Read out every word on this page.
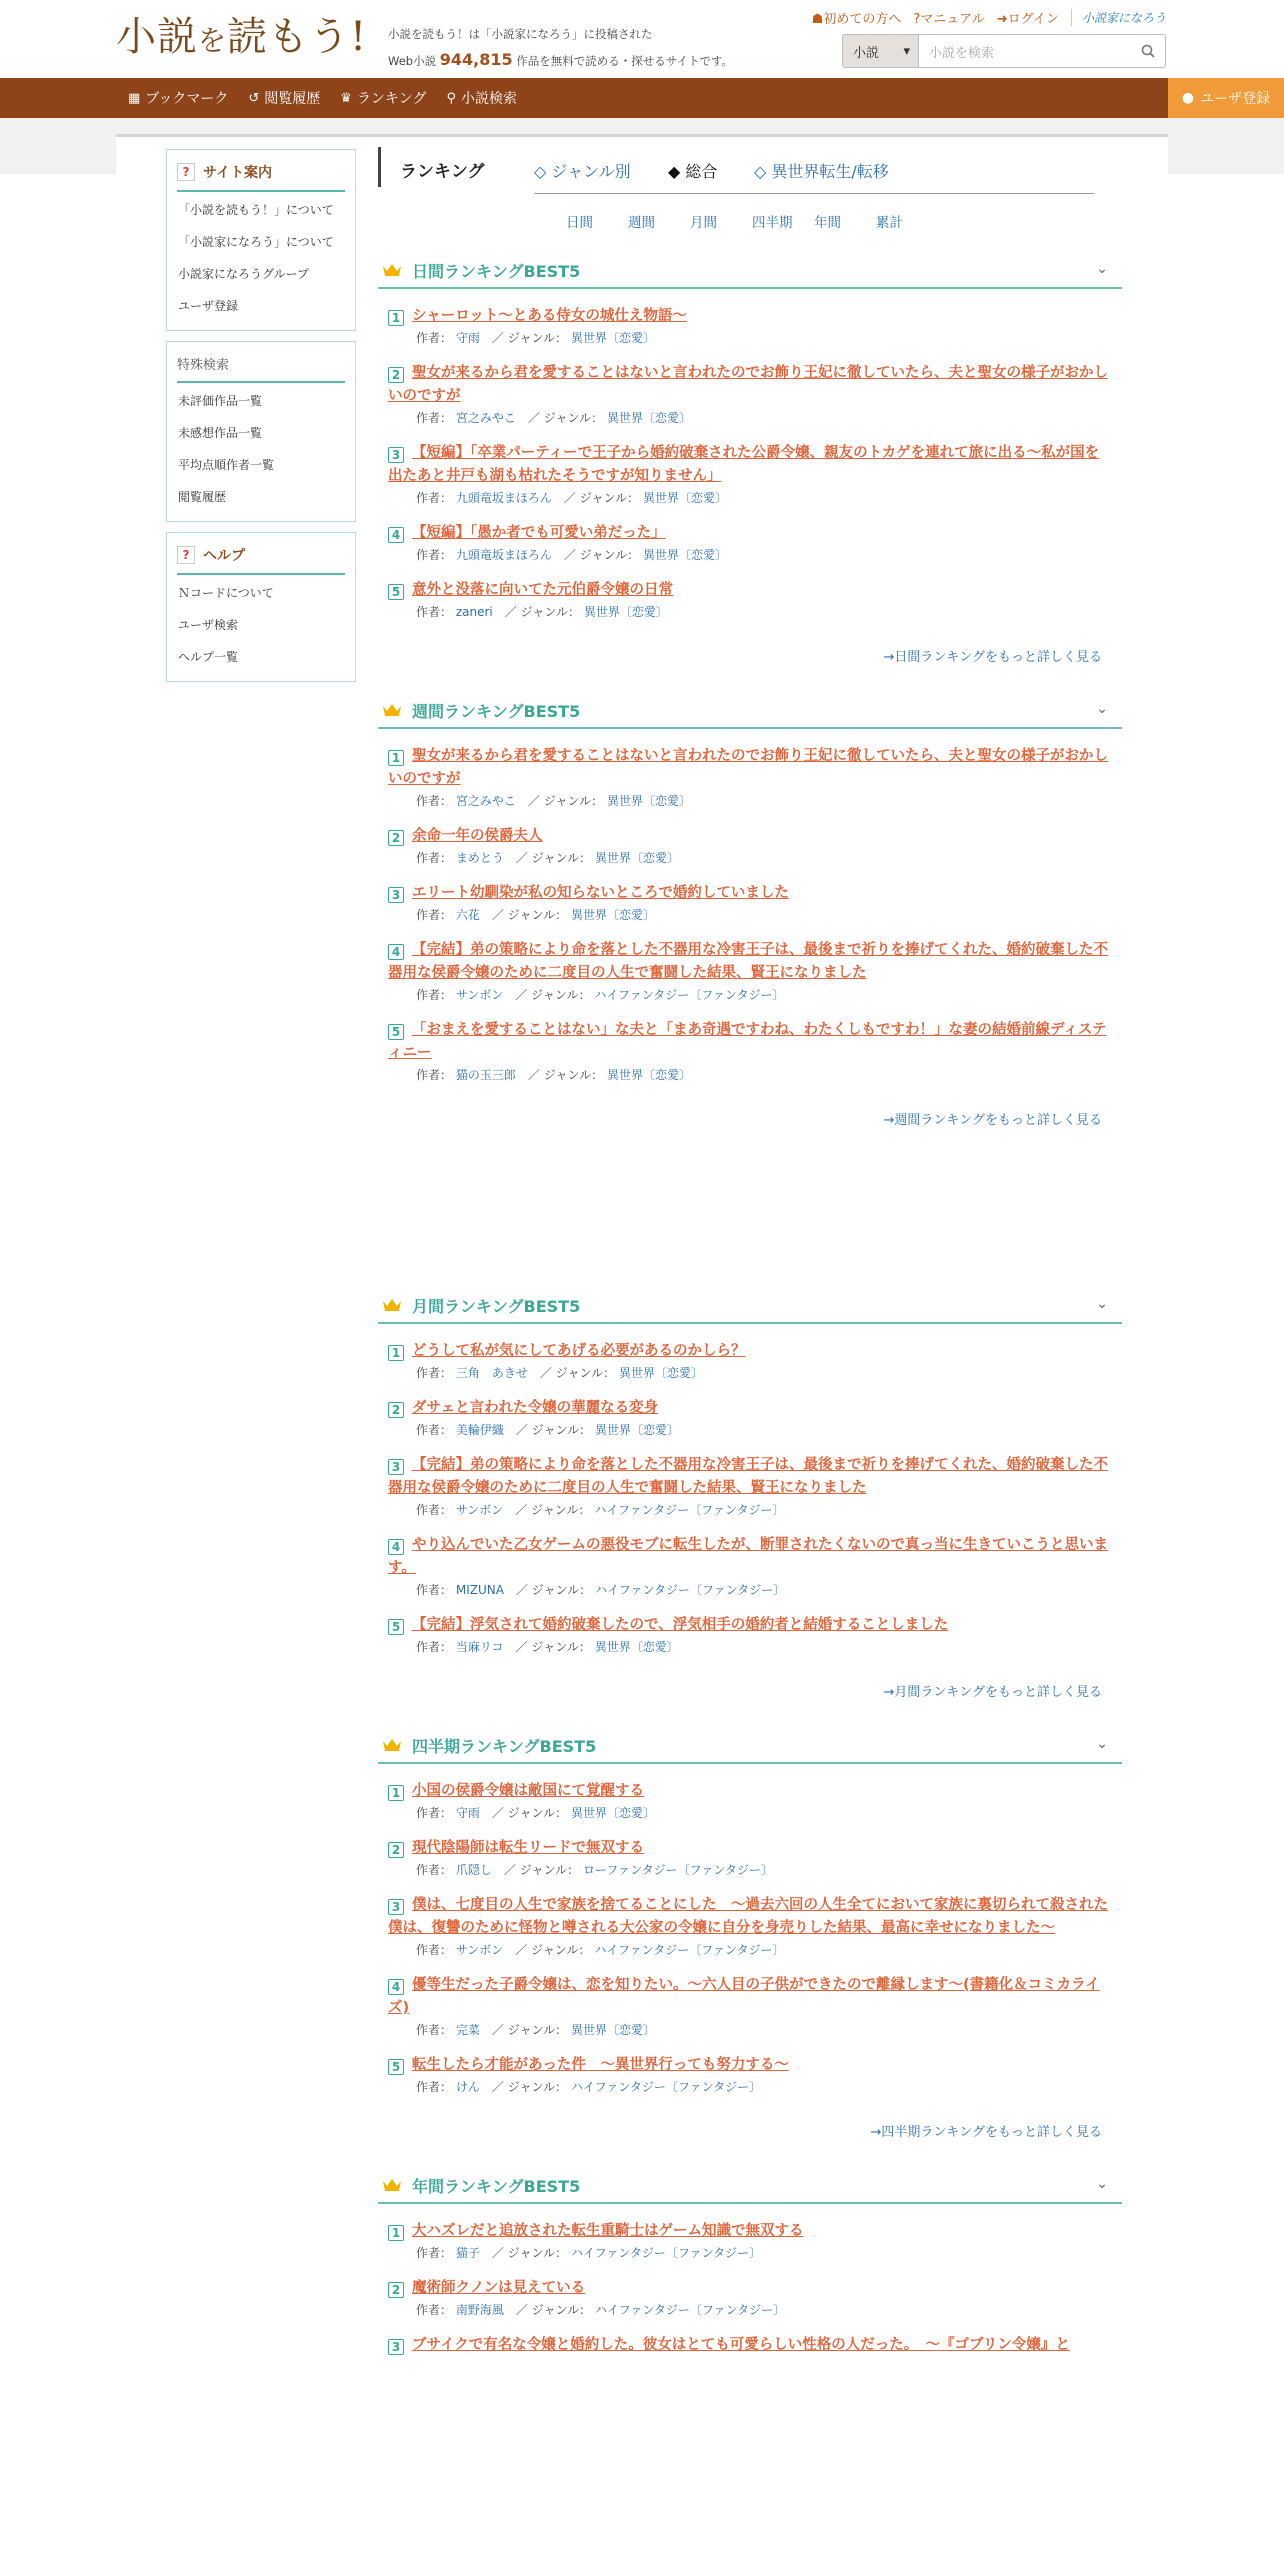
小説を読もう! 小説を読もう！は「小説家になろう」に投稿された
Web小説 944,815 作品を無料で読める・探せるサイトです。
☗初めての方へ ?マニュアル ➜ログイン	小説家になろう
小説 ▾	小説を検索
▦ ブックマーク ↺ 閲覧履歴 ♛ ランキング ⚲ 小説検索	● ユーザ登録
? サイト案内
「小説を読もう！」について
「小説家になろう」について
小説家になろうグループ
ユーザ登録
特殊検索
未評価作品一覧
未感想作品一覧
平均点順作者一覧
閲覧履歴
? ヘルプ
Ｎコードについて
ユーザ検索
ヘルプ一覧
ランキング	◇ ジャンル別 ◆ 総合 ◇ 異世界転生/転移
日間	週間	月間	四半期	年間	累計
日間ランキングBEST5	⌄
1 シャーロット〜とある侍女の城仕え物語〜
作者： 守雨　 ／ ジャンル： 異世界〔恋愛〕
2 聖女が来るから君を愛することはないと言われたのでお飾り王妃に徹していたら、夫と聖女の様子がおかしいのですが
作者： 宮之みやこ　 ／ ジャンル： 異世界〔恋愛〕
3 【短編】「卒業パーティーで王子から婚約破棄された公爵令嬢、親友のトカゲを連れて旅に出る〜私が国を出たあと井戸も湖も枯れたそうですが知りません」
作者： 九頭竜坂まほろん　 ／ ジャンル： 異世界〔恋愛〕
4 【短編】「愚か者でも可愛い弟だった」
作者： 九頭竜坂まほろん　 ／ ジャンル： 異世界〔恋愛〕
5 意外と没落に向いてた元伯爵令嬢の日常
作者： zaneri　 ／ ジャンル： 異世界〔恋愛〕
→日間ランキングをもっと詳しく見る
週間ランキングBEST5	⌄
1 聖女が来るから君を愛することはないと言われたのでお飾り王妃に徹していたら、夫と聖女の様子がおかしいのですが
作者： 宮之みやこ　 ／ ジャンル： 異世界〔恋愛〕
2 余命一年の侯爵夫人
作者： まめとう　 ／ ジャンル： 異世界〔恋愛〕
3 エリート幼馴染が私の知らないところで婚約していました
作者： 六花　 ／ ジャンル： 異世界〔恋愛〕
4 【完結】弟の策略により命を落とした不器用な冷害王子は、最後まで祈りを捧げてくれた、婚約破棄した不器用な侯爵令嬢のために二度目の人生で奮闘した結果、賢王になりました
作者： サンボン　 ／ ジャンル： ハイファンタジー〔ファンタジー〕
5 「おまえを愛することはない」な夫と「まあ奇遇ですわね、わたくしもですわ！」な妻の結婚前線ディスティニー
作者： 猫の玉三郎　 ／ ジャンル： 異世界〔恋愛〕
→週間ランキングをもっと詳しく見る
月間ランキングBEST5	⌄
1 どうして私が気にしてあげる必要があるのかしら？
作者： 三角　あきせ　 ／ ジャンル： 異世界〔恋愛〕
2 ダサェと言われた令嬢の華麗なる変身
作者： 美輪伊織　 ／ ジャンル： 異世界〔恋愛〕
3 【完結】弟の策略により命を落とした不器用な冷害王子は、最後まで祈りを捧げてくれた、婚約破棄した不器用な侯爵令嬢のために二度目の人生で奮闘した結果、賢王になりました
作者： サンボン　 ／ ジャンル： ハイファンタジー〔ファンタジー〕
4 やり込んでいた乙女ゲームの悪役モブに転生したが、断罪されたくないので真っ当に生きていこうと思います。
作者： MIZUNA　 ／ ジャンル： ハイファンタジー〔ファンタジー〕
5 【完結】浮気されて婚約破棄したので、浮気相手の婚約者と結婚することしました
作者： 当麻リコ　 ／ ジャンル： 異世界〔恋愛〕
→月間ランキングをもっと詳しく見る
四半期ランキングBEST5	⌄
1 小国の侯爵令嬢は敵国にて覚醒する
作者： 守雨　 ／ ジャンル： 異世界〔恋愛〕
2 現代陰陽師は転生リードで無双する
作者： 爪隠し　 ／ ジャンル： ローファンタジー〔ファンタジー〕
3 僕は、七度目の人生で家族を捨てることにした　〜過去六回の人生全てにおいて家族に裏切られて殺された僕は、復讐のために怪物と噂される大公家の令嬢に自分を身売りした結果、最高に幸せになりました〜
作者： サンボン　 ／ ジャンル： ハイファンタジー〔ファンタジー〕
4 優等生だった子爵令嬢は、恋を知りたい。〜六人目の子供ができたので離縁します〜(書籍化＆コミカライズ)
作者： 完菜　 ／ ジャンル： 異世界〔恋愛〕
5 転生したら才能があった件　〜異世界行っても努力する〜
作者： けん　 ／ ジャンル： ハイファンタジー〔ファンタジー〕
→四半期ランキングをもっと詳しく見る
年間ランキングBEST5	⌄
1 大ハズレだと追放された転生重騎士はゲーム知識で無双する
作者： 猫子　 ／ ジャンル： ハイファンタジー〔ファンタジー〕
2 魔術師クノンは見えている
作者： 南野海風　 ／ ジャンル： ハイファンタジー〔ファンタジー〕
3 ブサイクで有名な令嬢と婚約した。彼女はとても可愛らしい性格の人だった。　〜『ゴブリン令嬢』と
